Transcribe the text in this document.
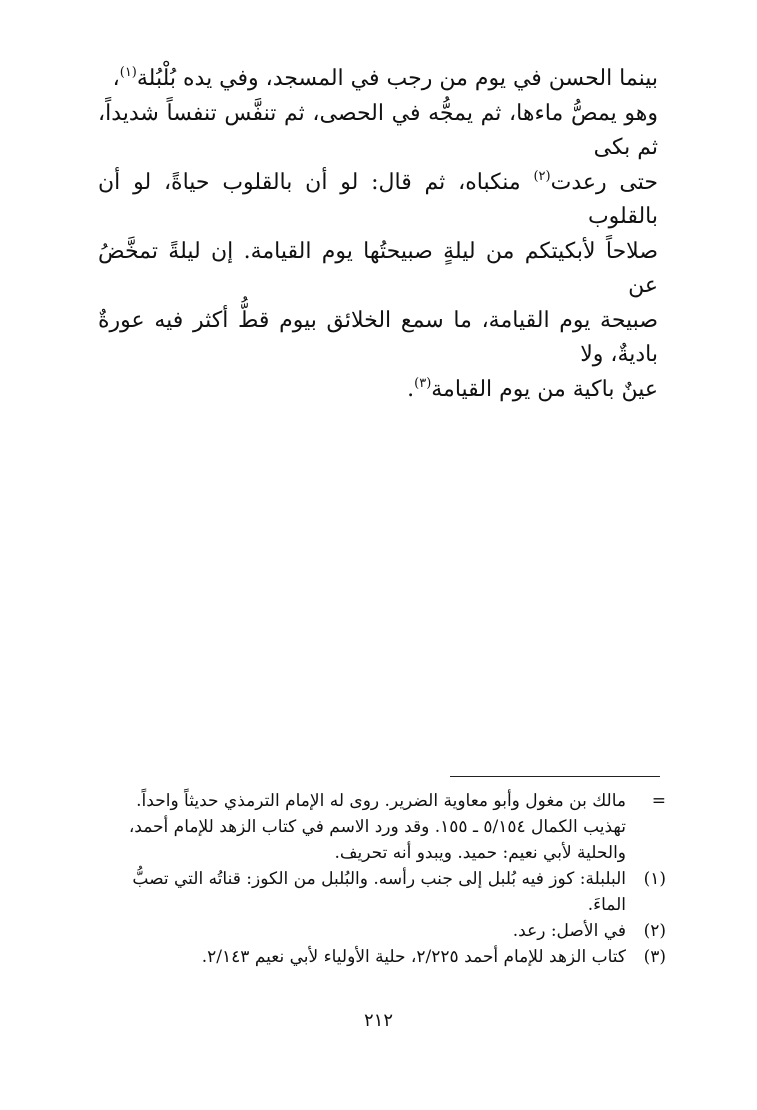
بينما الحسن في يوم من رجب في المسجد، وفي يده بُلْبُلة$^{(١)}$،
وهو يمصُّ ماءها، ثم يمجُّه في الحصى، ثم تنفَّس تنفساً شديداً، ثم بكى
حتى رعدت$^{(٢)}$ منكباه، ثم قال: لو أن بالقلوب حياةً، لو أن بالقلوب
صلاحاً لأبكيتكم من ليلةٍ صبيحتُها يوم القيامة. إن ليلةً تمخَّضُ عن
صبيحة يوم القيامة، ما سمع الخلائق بيوم قطُّ أكثر فيه عورةٌ باديةٌ، ولا
عينٌ باكية من يوم القيامة$^{(٣)}$.
=
مالك بن مغول وأبو معاوية الضرير. روى له الإمام الترمذي حديثاً واحداً.
تهذيب الكمال ٥/١٥٤ ـ ١٥٥. وقد ورد الاسم في كتاب الزهد للإمام أحمد،
والحلية لأبي نعيم: حميد. ويبدو أنه تحريف.
(١)
البلبلة: كوز فيه بُلبل إلى جنب رأسه. والبُلبل من الكوز: قناتُه التي تصبُّ
الماءَ.
(٢)
في الأصل: رعد.
(٣)
كتاب الزهد للإمام أحمد ٢/٢٢٥، حلية الأولياء لأبي نعيم ٢/١٤٣.
٢١٢
